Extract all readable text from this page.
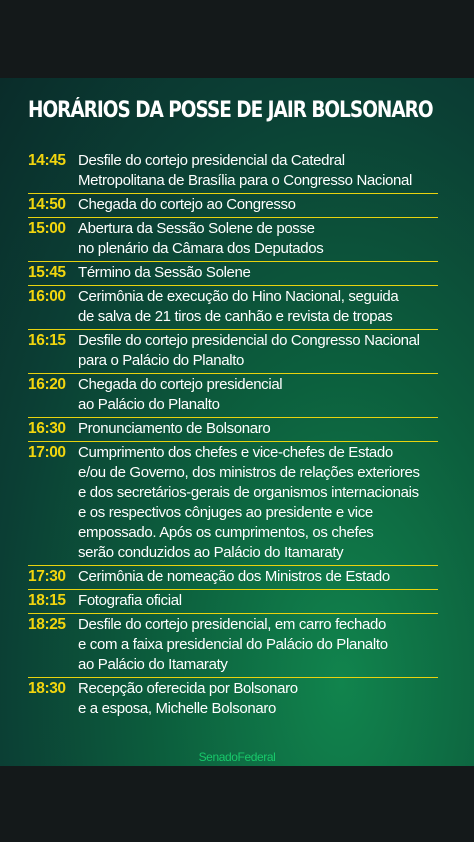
HORÁRIOS DA POSSE DE JAIR BOLSONARO
14:45 Desfile do cortejo presidencial da Catedral
Metropolitana de Brasília para o Congresso Nacional
14:50 Chegada do cortejo ao Congresso
15:00 Abertura da Sessão Solene de posse
no plenário da Câmara dos Deputados
15:45 Término da Sessão Solene
16:00 Cerimônia de execução do Hino Nacional, seguida
de salva de 21 tiros de canhão e revista de tropas
16:15 Desfile do cortejo presidencial do Congresso Nacional
para o Palácio do Planalto
16:20 Chegada do cortejo presidencial
ao Palácio do Planalto
16:30 Pronunciamento de Bolsonaro
17:00 Cumprimento dos chefes e vice-chefes de Estado
e/ou de Governo, dos ministros de relações exteriores
e dos secretários-gerais de organismos internacionais
e os respectivos cônjuges ao presidente e vice
empossado. Após os cumprimentos, os chefes
serão conduzidos ao Palácio do Itamaraty
17:30 Cerimônia de nomeação dos Ministros de Estado
18:15 Fotografia oficial
18:25 Desfile do cortejo presidencial, em carro fechado
e com a faixa presidencial do Palácio do Planalto
ao Palácio do Itamaraty
18:30 Recepção oferecida por Bolsonaro
e a esposa, Michelle Bolsonaro
SenadoFederal
